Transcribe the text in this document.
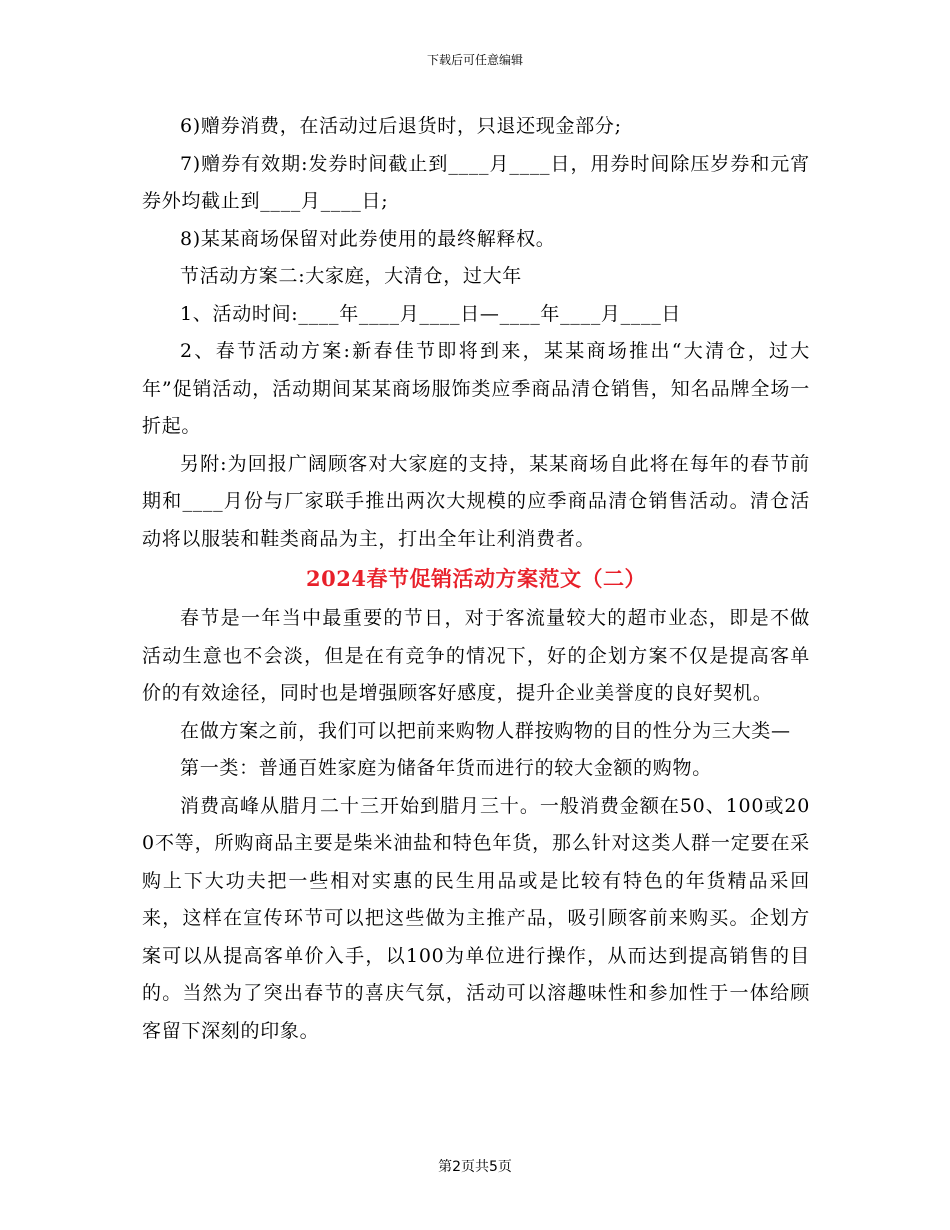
下载后可任意编辑

6)赠券消费，在活动过后退货时，只退还现金部分;

7)赠券有效期:发券时间截止到____月____日，用券时间除压岁券和元宵券外均截止到____月____日;

8)某某商场保留对此券使用的最终解释权。

节活动方案二:大家庭，大清仓，过大年

1、活动时间:____年____月____日—____年____月____日

2、春节活动方案:新春佳节即将到来，某某商场推出“大清仓，过大年”促销活动，活动期间某某商场服饰类应季商品清仓销售，知名品牌全场一折起。

另附:为回报广阔顾客对大家庭的支持，某某商场自此将在每年的春节前期和____月份与厂家联手推出两次大规模的应季商品清仓销售活动。清仓活动将以服装和鞋类商品为主，打出全年让利消费者。

2024春节促销活动方案范文（二）

春节是一年当中最重要的节日，对于客流量较大的超市业态，即是不做活动生意也不会淡，但是在有竞争的情况下，好的企划方案不仅是提高客单价的有效途径，同时也是增强顾客好感度，提升企业美誉度的良好契机。

在做方案之前，我们可以把前来购物人群按购物的目的性分为三大类—

第一类：普通百姓家庭为储备年货而进行的较大金额的购物。

消费高峰从腊月二十三开始到腊月三十。一般消费金额在50、100或200不等，所购商品主要是柴米油盐和特色年货，那么针对这类人群一定要在采购上下大功夫把一些相对实惠的民生用品或是比较有特色的年货精品采回来，这样在宣传环节可以把这些做为主推产品，吸引顾客前来购买。企划方案可以从提高客单价入手，以100为单位进行操作，从而达到提高销售的目的。当然为了突出春节的喜庆气氛，活动可以溶趣味性和参加性于一体给顾客留下深刻的印象。

第2页共5页
